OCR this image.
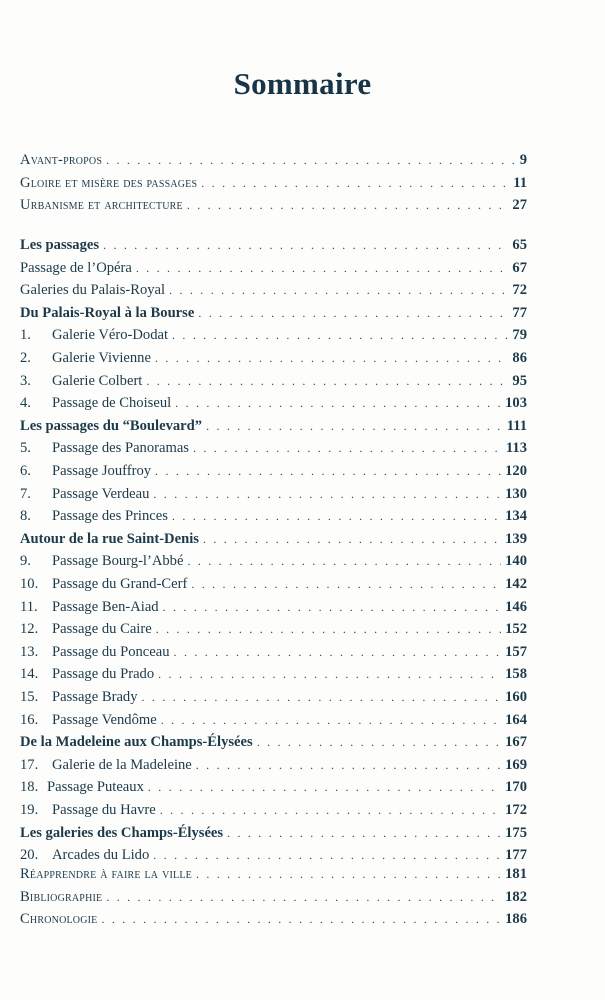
Sommaire
Avant-propos . . .	9
Gloire et misère des passages . . .	11
Urbanisme et architecture . . .	27
Les passages . . .	65
Passage de l’Opéra . . .	67
Galeries du Palais-Royal . . .	72
Du Palais-Royal à la Bourse . . .	77
1.	Galerie Véro-Dodat . . .	79
2.	Galerie Vivienne . . .	86
3.	Galerie Colbert . . .	95
4.	Passage de Choiseul . . .	103
Les passages du “Boulevard” . . .	111
5.	Passage des Panoramas . . .	113
6.	Passage Jouffroy . . .	120
7.	Passage Verdeau . . .	130
8.	Passage des Princes . . .	134
Autour de la rue Saint-Denis . . .	139
9.	Passage Bourg-l’Abbé . . .	140
10. Passage du Grand-Cerf . . .	142
11. Passage Ben-Aiad . . .	146
12. Passage du Caire . . .	152
13. Passage du Ponceau . . .	157
14. Passage du Prado . . .	158
15. Passage Brady . . .	160
16. Passage Vendôme . . .	164
De la Madeleine aux Champs-Élysées . . .	167
17. Galerie de la Madeleine . . .	169
18. Passage Puteaux . . .	170
19. Passage du Havre . . .	172
Les galeries des Champs-Élysées . . .	175
20. Arcades du Lido . . .	177
Réapprendre à faire la ville . . .	181
Bibliographie . . .	182
Chronologie . . .	186
